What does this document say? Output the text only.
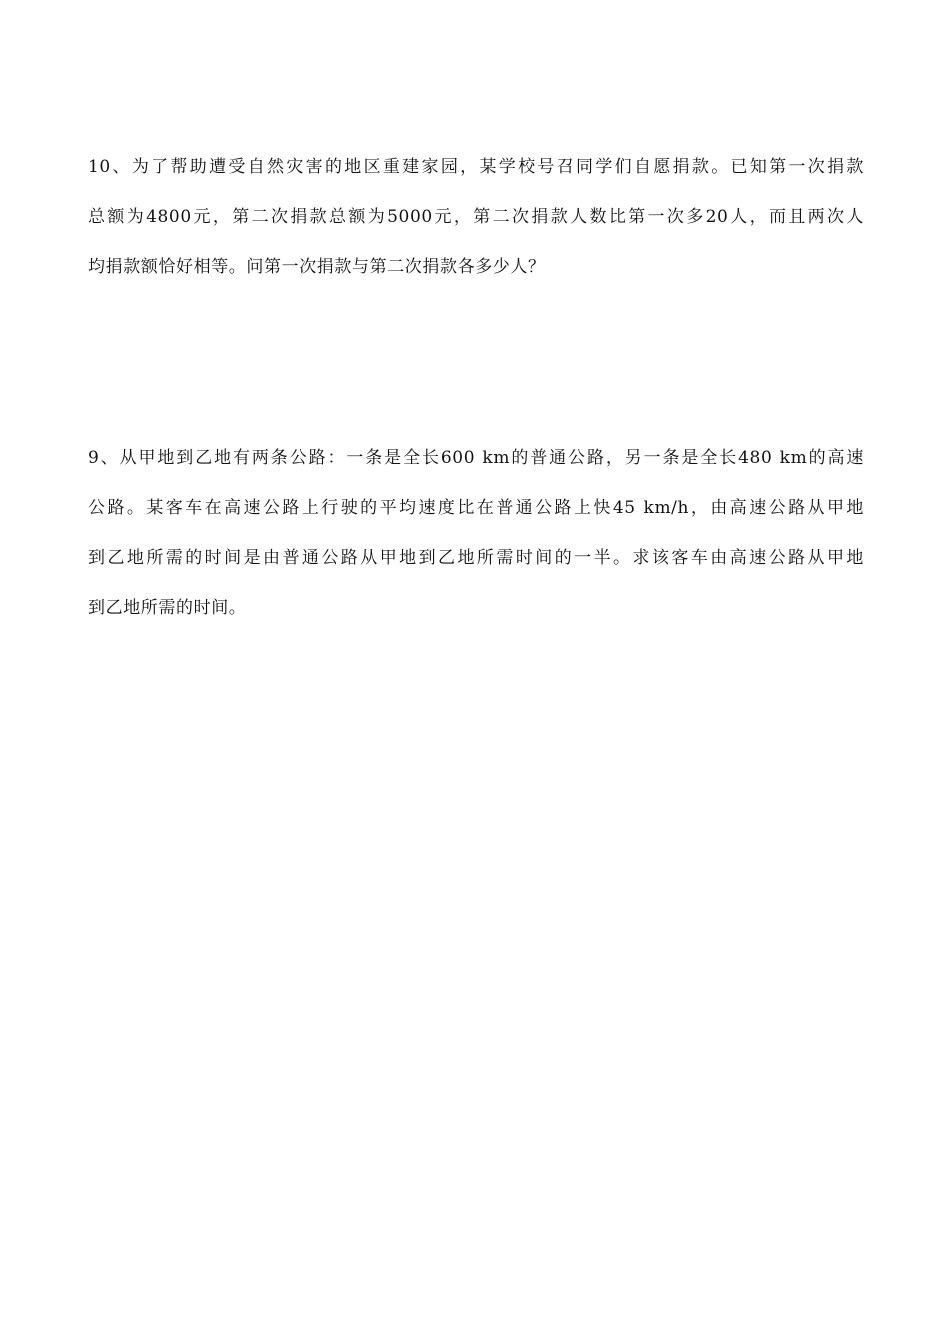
10、为了帮助遭受自然灾害的地区重建家园，某学校号召同学们自愿捐款。已知第一次捐款
总额为4800元，第二次捐款总额为5000元，第二次捐款人数比第一次多20人，而且两次人
均捐款额恰好相等。问第一次捐款与第二次捐款各多少人？
9、从甲地到乙地有两条公路：一条是全长600 km的普通公路，另一条是全长480 km的高速
公路。某客车在高速公路上行驶的平均速度比在普通公路上快45 km/h，由高速公路从甲地
到乙地所需的时间是由普通公路从甲地到乙地所需时间的一半。求该客车由高速公路从甲地
到乙地所需的时间。
